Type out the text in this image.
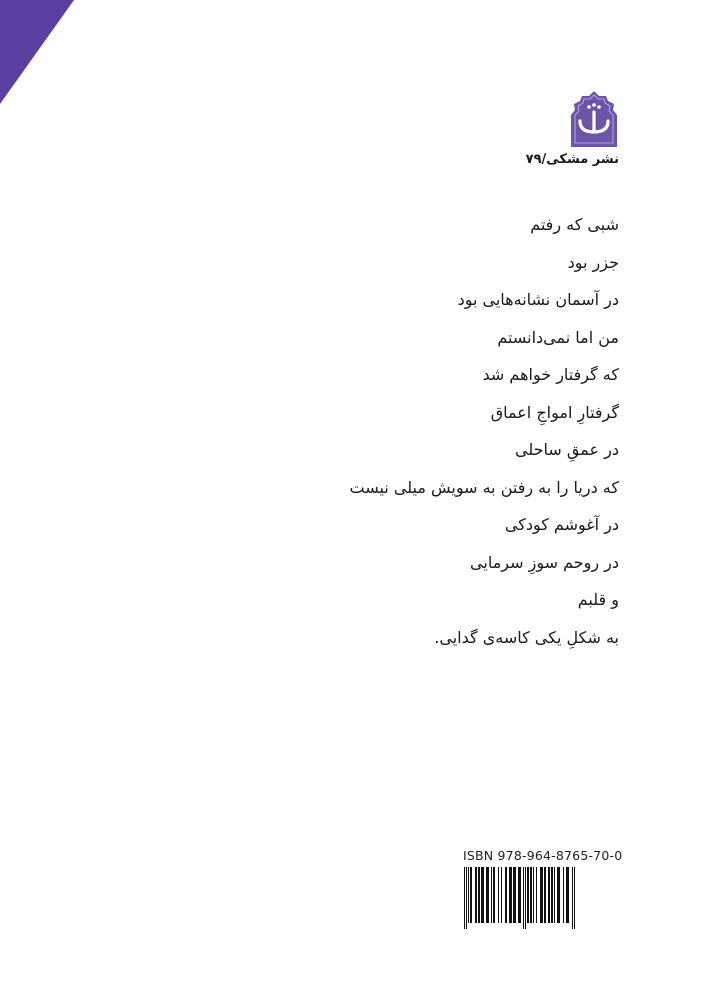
نشر مشکی/۷۹
شبی که رفتم
جزر بود
در آسمان نشانه‌هایی بود
من اما نمی‌دانستم
که گرفتار خواهم شد
گرفتارِ امواجِ اعماق
در عمقِ ساحلی
که دریا را به رفتن به سویش میلی نیست
در آغوشم کودکی
در روحم سوزِ سرمایی
و قلبم
به شکلِ یکی کاسه‌ی گدایی.
ISBN 978-964-8765-70-0
